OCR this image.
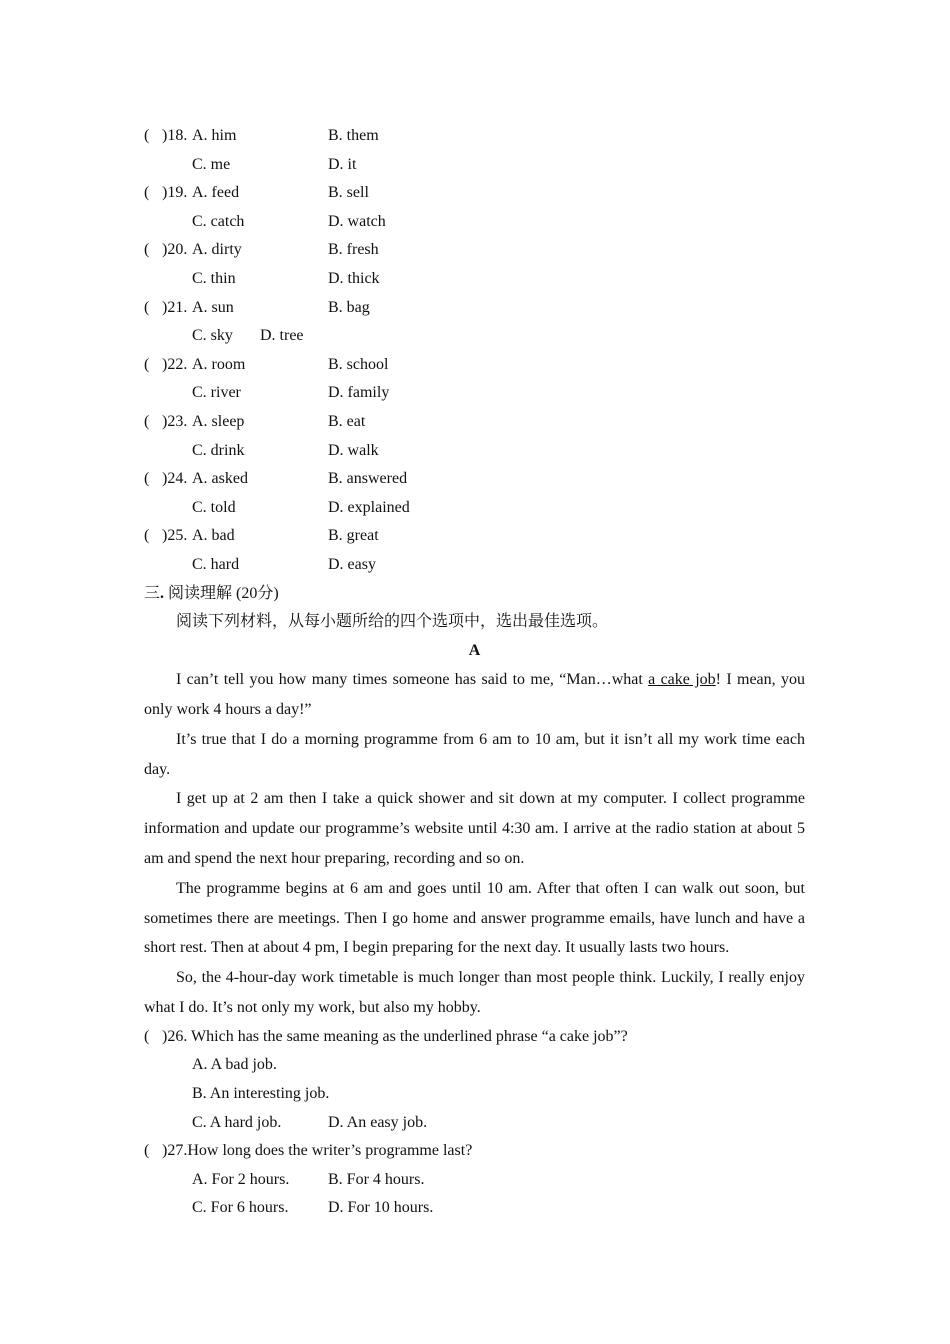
( )18. A. him	B. them
C. me	D. it
( )19. A. feed	B. sell
C. catch	D. watch
( )20. A. dirty	B. fresh
C. thin	D. thick
( )21. A. sun	B. bag
C. sky D. tree
( )22. A. room	B. school
C. river	D. family
( )23. A. sleep	B. eat
C. drink	D. walk
( )24. A. asked	B. answered
C. told	D. explained
( )25. A. bad	B. great
C. hard	D. easy
三. 阅读理解 (20分)
阅读下列材料，从每小题所给的四个选项中，选出最佳选项。
A

I can’t tell you how many times someone has said to me, “Man…what a cake job! I mean, you only work 4 hours a day!”

It’s true that I do a morning programme from 6 am to 10 am, but it isn’t all my work time each day.

I get up at 2 am then I take a quick shower and sit down at my computer. I collect programme information and update our programme’s website until 4:30 am. I arrive at the radio station at about 5 am and spend the next hour preparing, recording and so on.

The programme begins at 6 am and goes until 10 am. After that often I can walk out soon, but sometimes there are meetings. Then I go home and answer programme emails, have lunch and have a short rest. Then at about 4 pm, I begin preparing for the next day. It usually lasts two hours.

So, the 4-hour-day work timetable is much longer than most people think. Luckily, I really enjoy what I do. It’s not only my work, but also my hobby.

( )26. Which has the same meaning as the underlined phrase “a cake job”?
A. A bad job.
B. An interesting job.
C. A hard job.	D. An easy job.
( )27.How long does the writer’s programme last?
A. For 2 hours. B. For 4 hours.
C. For 6 hours. D. For 10 hours.
